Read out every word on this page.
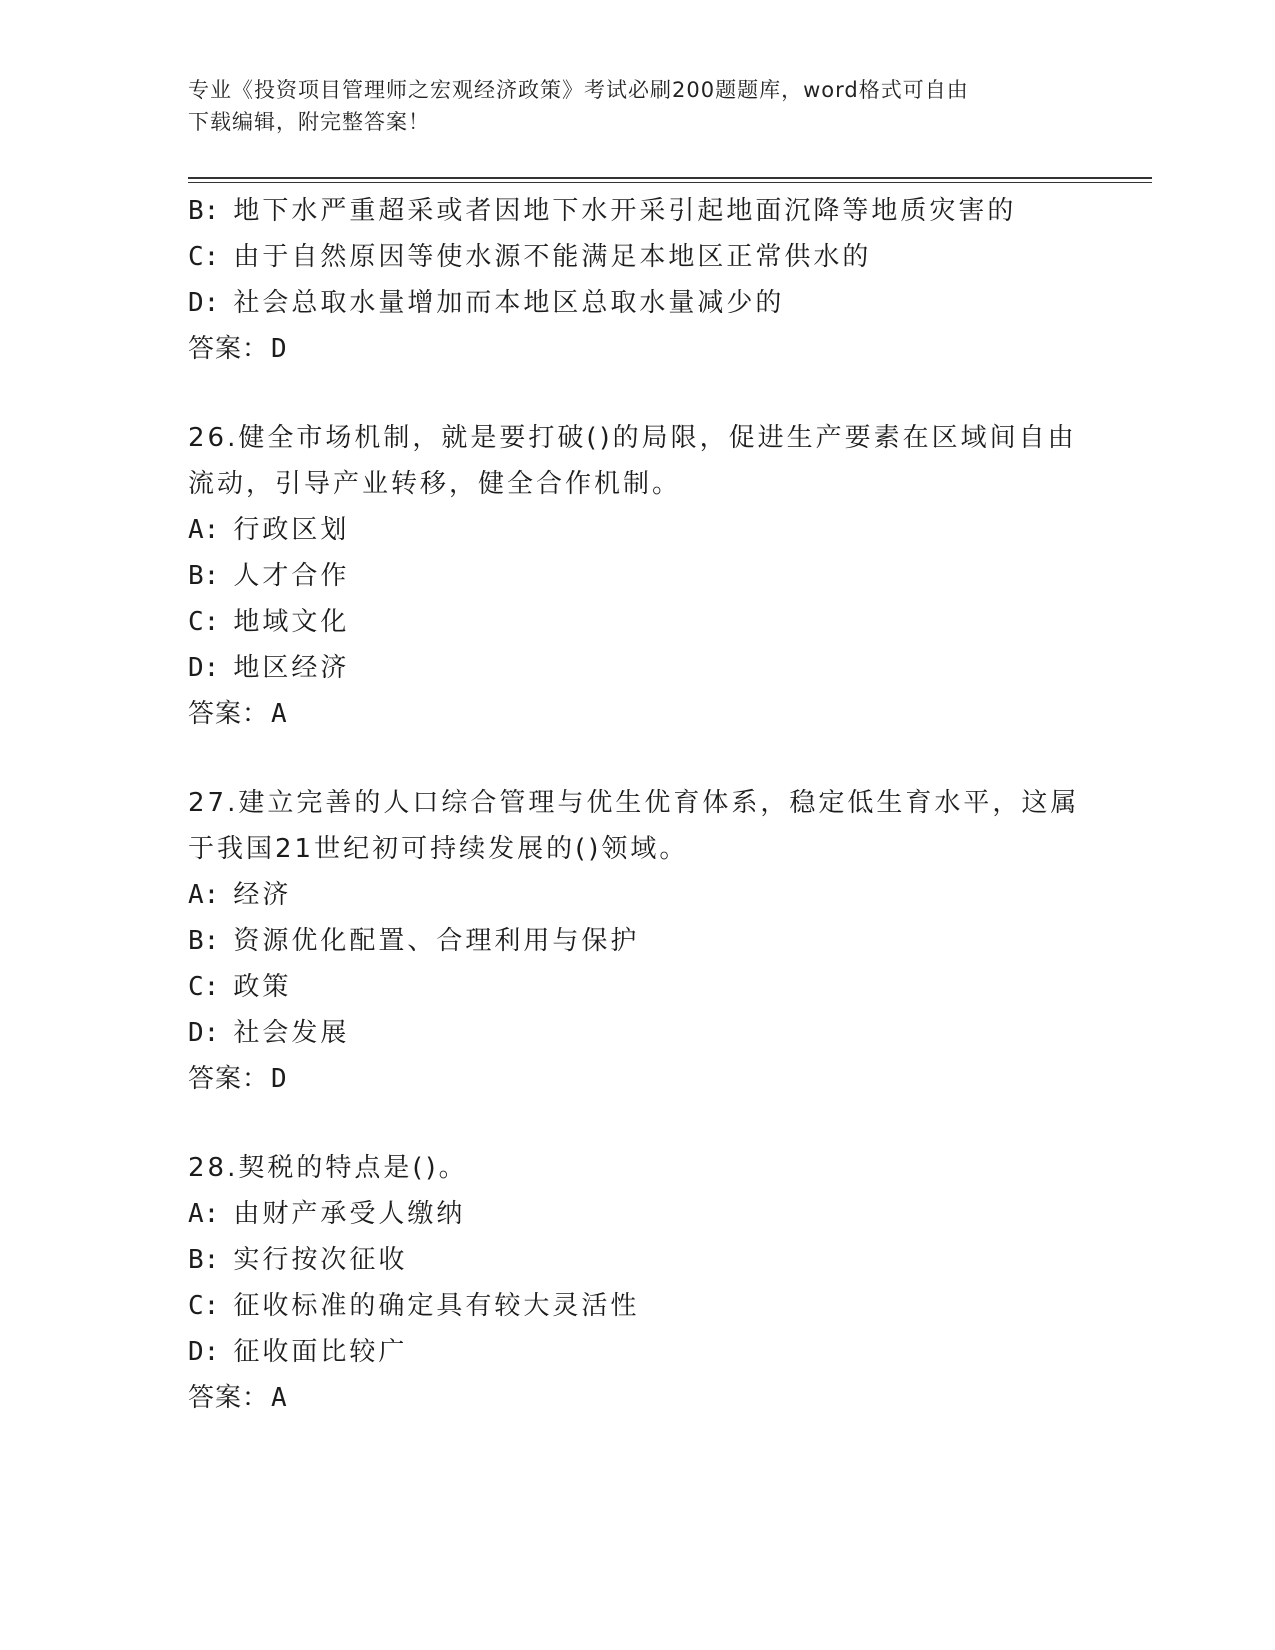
专业《投资项目管理师之宏观经济政策》考试必刷200题题库，word格式可自由
下载编辑，附完整答案！
B: 地下水严重超采或者因地下水开采引起地面沉降等地质灾害的
C: 由于自然原因等使水源不能满足本地区正常供水的
D: 社会总取水量增加而本地区总取水量减少的
答案：D
26.健全市场机制，就是要打破()的局限，促进生产要素在区域间自由
流动，引导产业转移，健全合作机制。
A: 行政区划
B: 人才合作
C: 地域文化
D: 地区经济
答案：A
27.建立完善的人口综合管理与优生优育体系，稳定低生育水平，这属
于我国21世纪初可持续发展的()领域。
A: 经济
B: 资源优化配置、合理利用与保护
C: 政策
D: 社会发展
答案：D
28.契税的特点是()。
A: 由财产承受人缴纳
B: 实行按次征收
C: 征收标准的确定具有较大灵活性
D: 征收面比较广
答案：A
